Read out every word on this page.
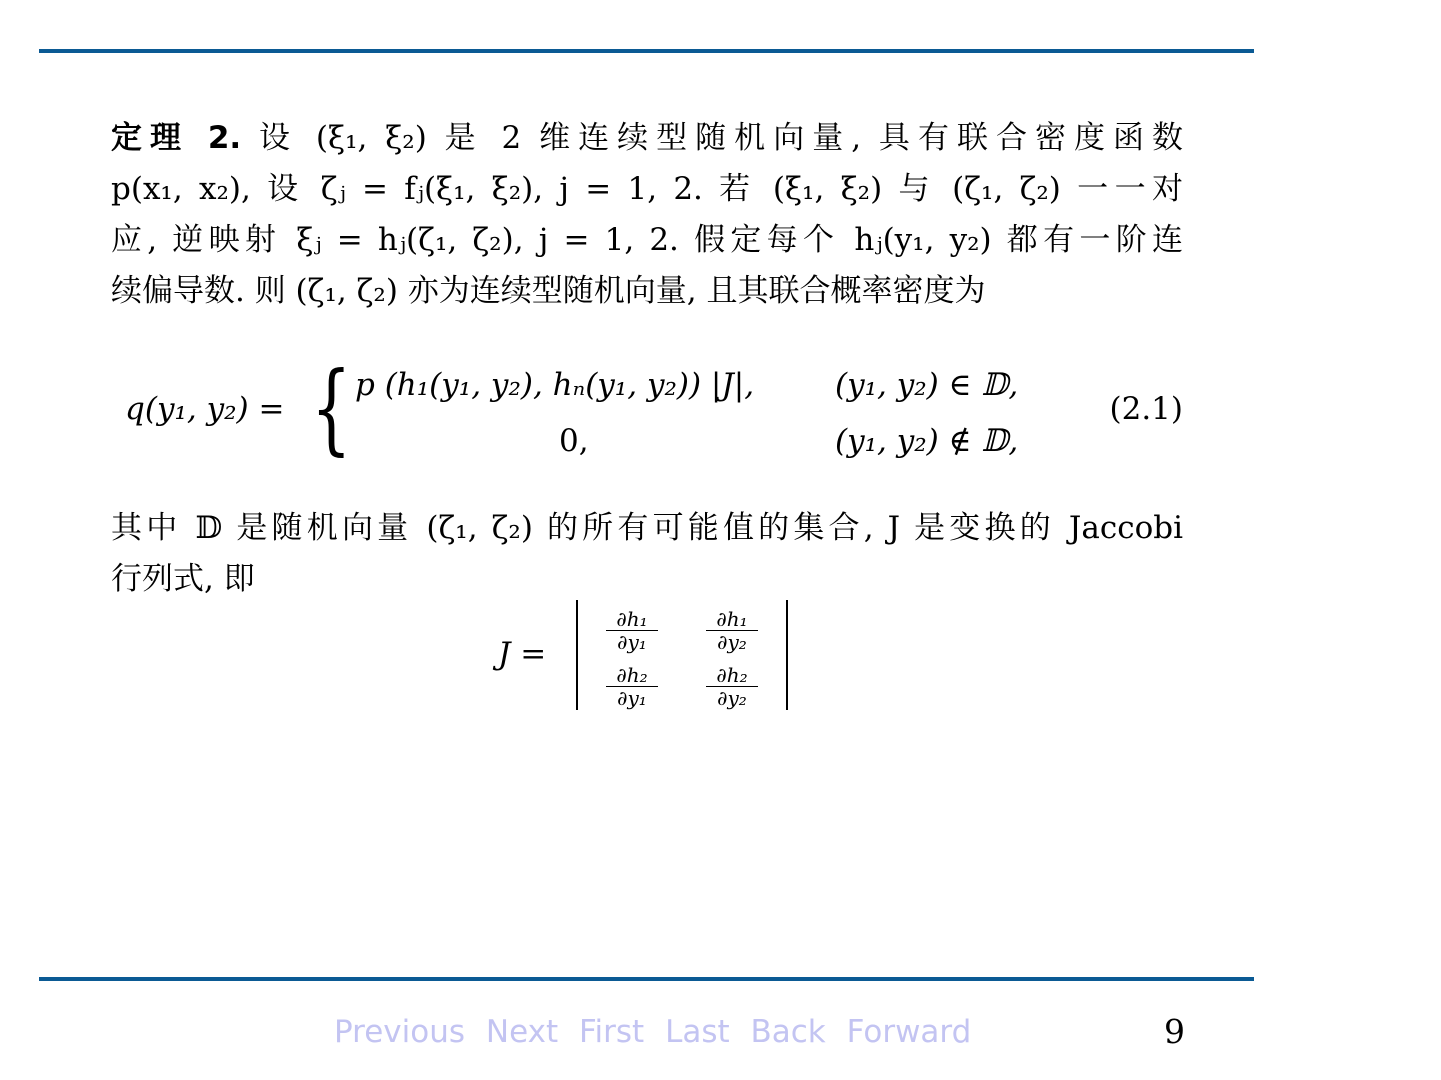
定理 2. 设 (ξ₁, ξ₂) 是 2 维连续型随机向量, 具有联合密度函数

p(x₁, x₂), 设 ζⱼ = fⱼ(ξ₁, ξ₂), j = 1, 2. 若 (ξ₁, ξ₂) 与 (ζ₁, ζ₂) 一一对

应, 逆映射 ξⱼ = hⱼ(ζ₁, ζ₂), j = 1, 2. 假定每个 hⱼ(y₁, y₂) 都有一阶连

续偏导数. 则 (ζ₁, ζ₂) 亦为连续型随机向量, 且其联合概率密度为

q(y₁, y₂) = { p (h₁(y₁, y₂), hₙ(y₁, y₂)) |J|,
0,
(y₁, y₂) ∈ 𝔻,
(y₁, y₂) ∉ 𝔻,
(2.1)

其中 𝔻 是随机向量 (ζ₁, ζ₂) 的所有可能值的集合, J 是变换的 Jaccobi

行列式, 即

J =
$\frac{\text{∂h₁}}{\text{∂y₁}} \frac{\text{∂h₁}}{\text{∂y₂}}$
$\frac{\text{∂h₂}}{\text{∂y₁}} \frac{\text{∂h₂}}{\text{∂y₂}}$
Previous Next First Last Back Forward	9
